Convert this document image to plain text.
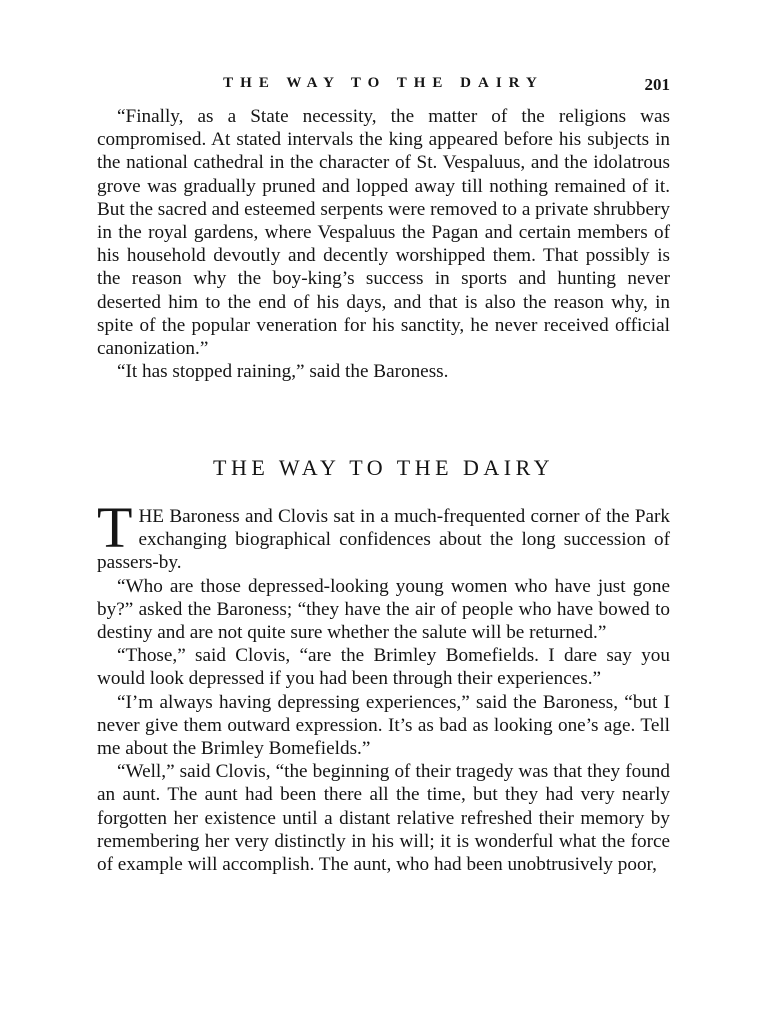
THE WAY TO THE DAIRY	201

“Finally, as a State necessity, the matter of the religions was compromised. At stated intervals the king appeared before his subjects in the national cathedral in the character of St. Vespaluus, and the idolatrous grove was gradually pruned and lopped away till nothing remained of it. But the sacred and esteemed serpents were removed to a private shrubbery in the royal gardens, where Vespaluus the Pagan and certain members of his household devoutly and decently worshipped them. That possibly is the reason why the boy-king’s success in sports and hunting never deserted him to the end of his days, and that is also the reason why, in spite of the popular veneration for his sanctity, he never received official canonization.”

“It has stopped raining,” said the Baroness.

THE WAY TO THE DAIRY

THE Baroness and Clovis sat in a much-frequented corner of the Park exchanging biographical confidences about the long succession of passers-by.

“Who are those depressed-looking young women who have just gone by?” asked the Baroness; “they have the air of people who have bowed to destiny and are not quite sure whether the salute will be returned.”

“Those,” said Clovis, “are the Brimley Bomefields. I dare say you would look depressed if you had been through their experiences.”

“I’m always having depressing experiences,” said the Baroness, “but I never give them outward expression. It’s as bad as looking one’s age. Tell me about the Brimley Bomefields.”

“Well,” said Clovis, “the beginning of their tragedy was that they found an aunt. The aunt had been there all the time, but they had very nearly forgotten her existence until a distant relative refreshed their memory by remembering her very distinctly in his will; it is wonderful what the force of example will accomplish. The aunt, who had been unobtrusively poor,
